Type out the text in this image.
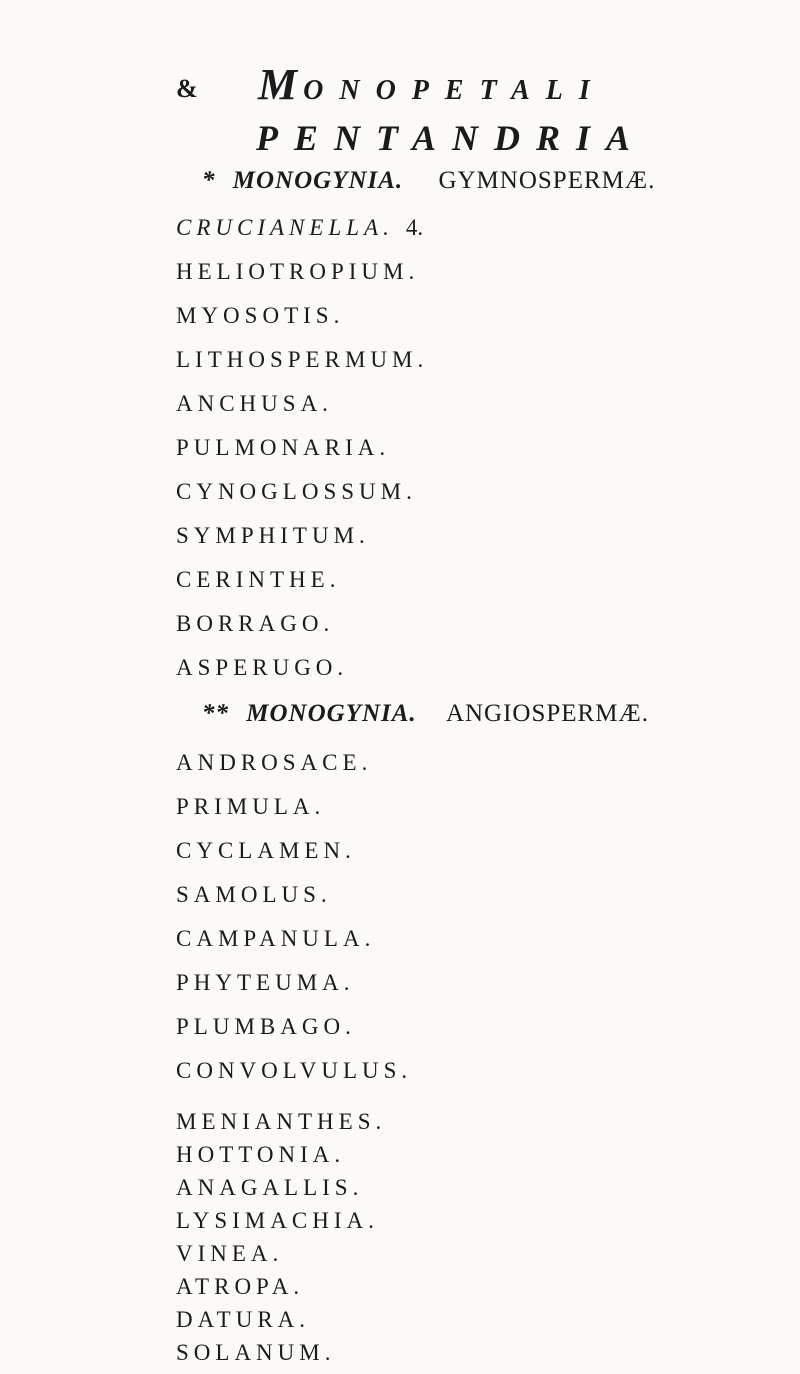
& MONOPETALI
PENTANDRIA
* MONOGYNIA. GYMNOSPERMÆ.
CRUCIANELLA. 4.
HELIOTROPIUM.
MYOSOTIS.
LITHOSPERMUM.
ANCHUSA.
PULMONARIA.
CYNOGLOSSUM.
SYMPHITUM.
CERINTHE.
BORRAGO.
ASPERUGO.
** MONOGYNIA. ANGIOSPERMÆ.
ANDROSACE.
PRIMULA.
CYCLAMEN.
SAMOLUS.
CAMPANULA.
PHYTEUMA.
PLUMBAGO.
CONVOLVULUS.
MENIANTHES.
HOTTONIA.
ANAGALLIS.
LYSIMACHIA.
VINEA.
ATROPA.
DATURA.
SOLANUM.
